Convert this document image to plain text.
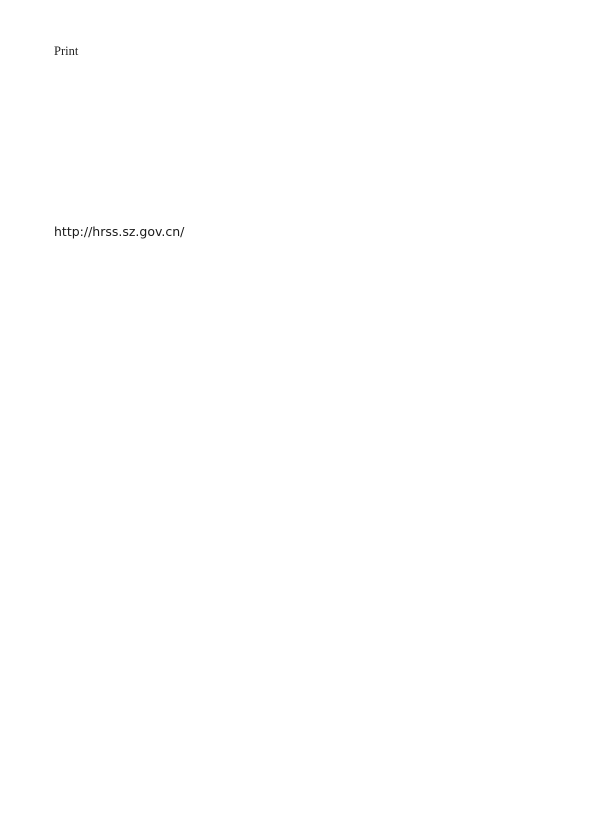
Print

http://hrss.sz.gov.cn/
